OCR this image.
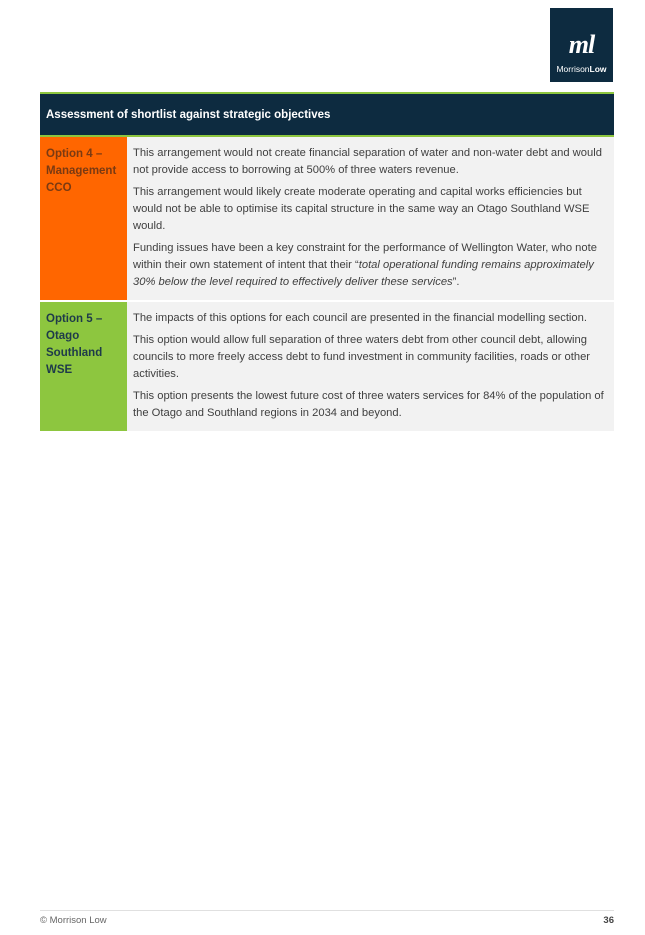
ml
MorrisonLow
Assessment of shortlist against strategic objectives
Option 4 –
Management
CCO

This arrangement would not create financial separation of water and non-water debt and would not provide access to borrowing at 500% of three waters revenue.

This arrangement would likely create moderate operating and capital works efficiencies but would not be able to optimise its capital structure in the same way an Otago Southland WSE would.

Funding issues have been a key constraint for the performance of Wellington Water, who note within their own statement of intent that their “total operational funding remains approximately 30% below the level required to effectively deliver these services”.

Option 5 –
Otago
Southland
WSE

The impacts of this options for each council are presented in the financial modelling section.

This option would allow full separation of three waters debt from other council debt, allowing councils to more freely access debt to fund investment in community facilities, roads or other activities.

This option presents the lowest future cost of three waters services for 84% of the population of the Otago and Southland regions in 2034 and beyond.

© Morrison Low	36
